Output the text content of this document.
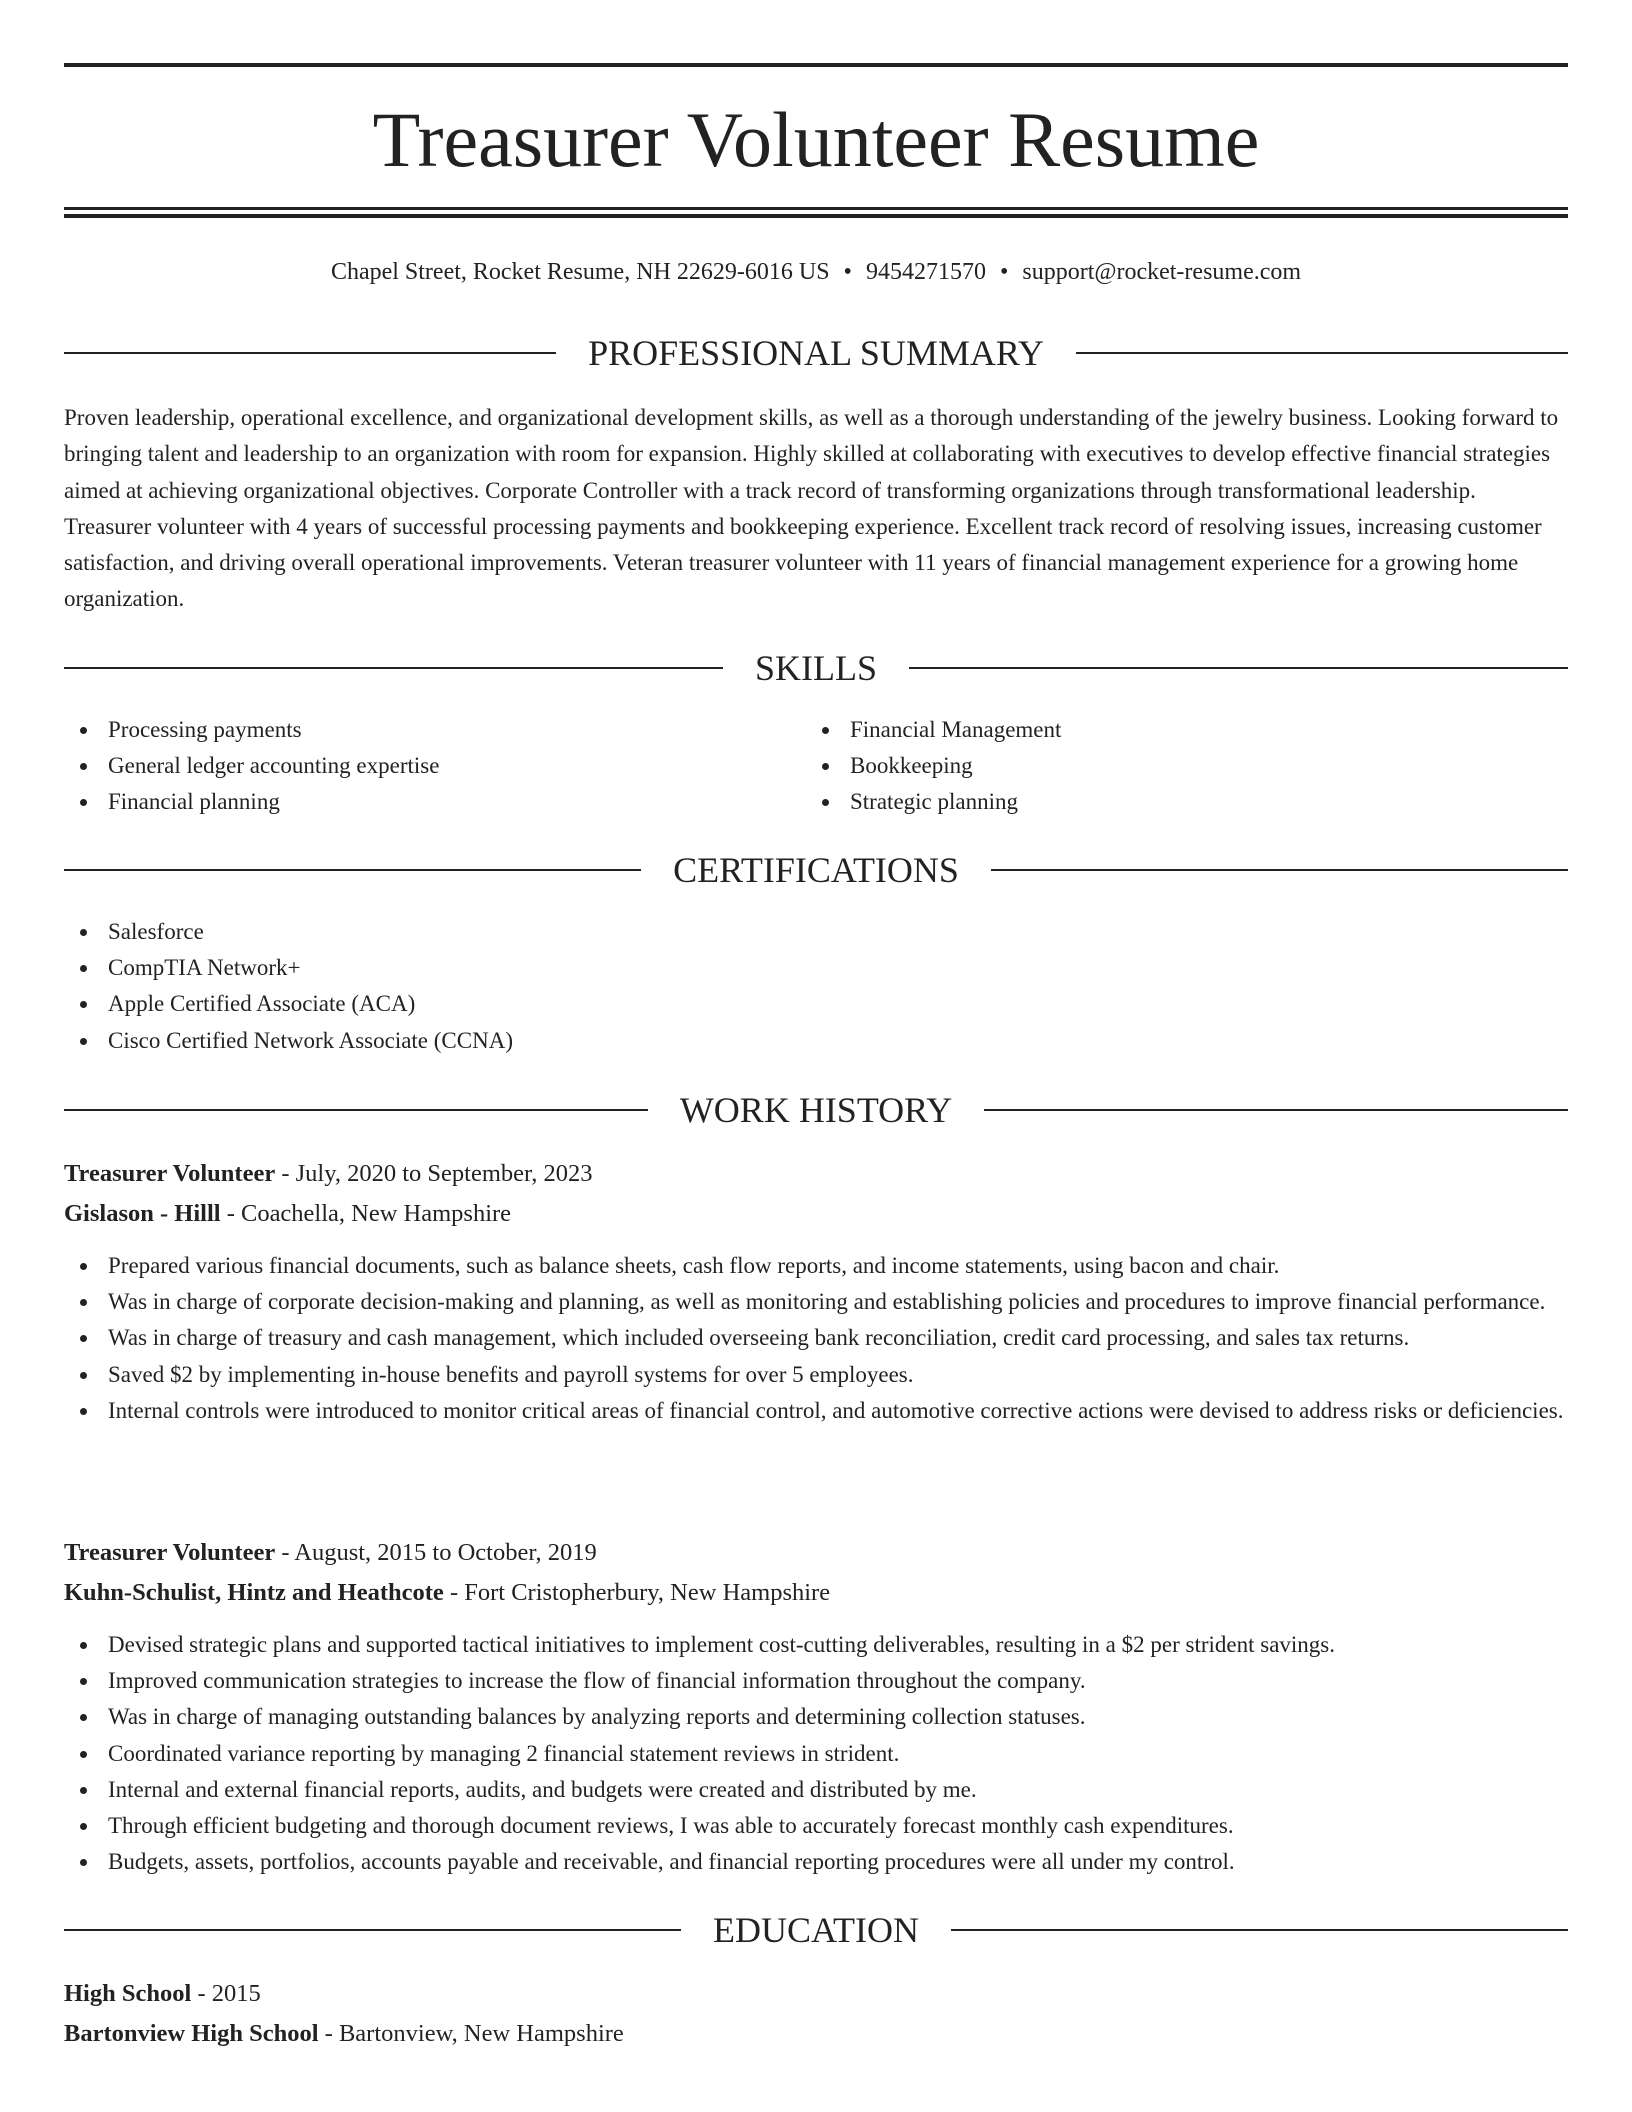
Treasurer Volunteer Resume
Chapel Street, Rocket Resume, NH 22629-6016 US • 9454271570 • support@rocket-resume.com
PROFESSIONAL SUMMARY

Proven leadership, operational excellence, and organizational development skills, as well as a thorough understanding of the jewelry business. Looking forward to bringing talent and leadership to an organization with room for expansion. Highly skilled at collaborating with executives to develop effective financial strategies aimed at achieving organizational objectives. Corporate Controller with a track record of transforming organizations through transformational leadership. Treasurer volunteer with 4 years of successful processing payments and bookkeeping experience. Excellent track record of resolving issues, increasing customer satisfaction, and driving overall operational improvements. Veteran treasurer volunteer with 11 years of financial management experience for a growing home organization.

SKILLS
Processing payments
General ledger accounting expertise
Financial planning
Financial Management
Bookkeeping
Strategic planning
CERTIFICATIONS
Salesforce
CompTIA Network+
Apple Certified Associate (ACA)
Cisco Certified Network Associate (CCNA)
WORK HISTORY

Treasurer Volunteer - July, 2020 to September, 2023

Gislason - Hilll - Coachella, New Hampshire

Prepared various financial documents, such as balance sheets, cash flow reports, and income statements, using bacon and chair.
Was in charge of corporate decision-making and planning, as well as monitoring and establishing policies and procedures to improve financial performance.
Was in charge of treasury and cash management, which included overseeing bank reconciliation, credit card processing, and sales tax returns.
Saved $2 by implementing in-house benefits and payroll systems for over 5 employees.
Internal controls were introduced to monitor critical areas of financial control, and automotive corrective actions were devised to address risks or deficiencies.

Treasurer Volunteer - August, 2015 to October, 2019

Kuhn-Schulist, Hintz and Heathcote - Fort Cristopherbury, New Hampshire

Devised strategic plans and supported tactical initiatives to implement cost-cutting deliverables, resulting in a $2 per strident savings.
Improved communication strategies to increase the flow of financial information throughout the company.
Was in charge of managing outstanding balances by analyzing reports and determining collection statuses.
Coordinated variance reporting by managing 2 financial statement reviews in strident.
Internal and external financial reports, audits, and budgets were created and distributed by me.
Through efficient budgeting and thorough document reviews, I was able to accurately forecast monthly cash expenditures.
Budgets, assets, portfolios, accounts payable and receivable, and financial reporting procedures were all under my control.
EDUCATION

High School - 2015

Bartonview High School - Bartonview, New Hampshire
